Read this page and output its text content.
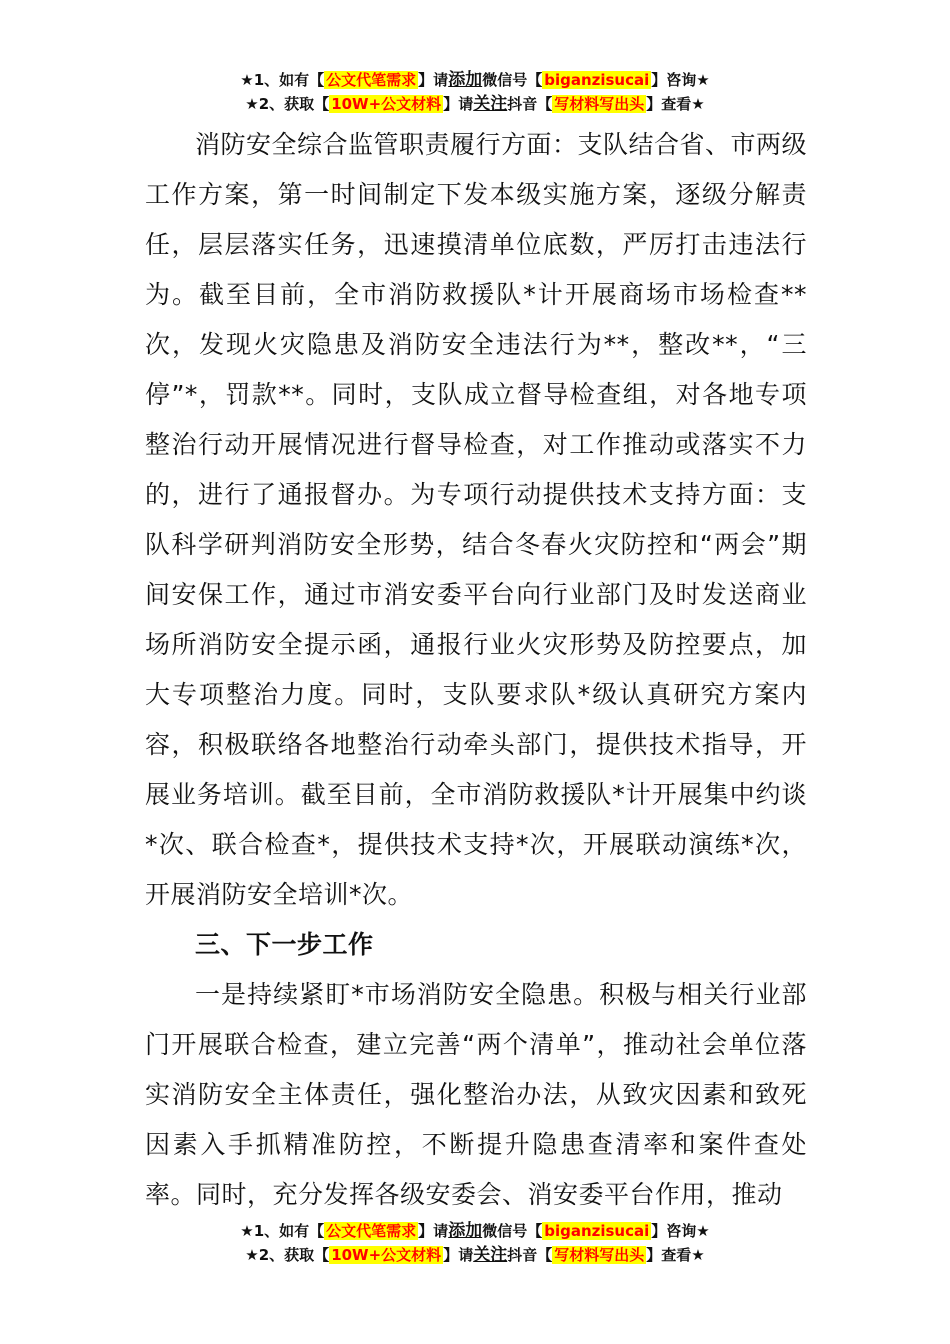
★1、如有【 公文代笔需求 】请添加微信号【 biganzisucai 】咨询★
★2、获取【 10W+公文材料 】请关注抖音【 写材料写出头 】查看★

消防安全综合监管职责履行方面：支队结合省、市两级工作方案，第一时间制定下发本级实施方案，逐级分解责任，层层落实任务，迅速摸清单位底数，严厉打击违法行为。截至目前，全市消防救援队*计开展商场市场检查**次，发现火灾隐患及消防安全违法行为**，整改**，“三停”*，罚款**。同时，支队成立督导检查组，对各地专项整治行动开展情况进行督导检查，对工作推动或落实不力的，进行了通报督办。为专项行动提供技术支持方面：支队科学研判消防安全形势，结合冬春火灾防控和“两会”期间安保工作，通过市消安委平台向行业部门及时发送商业场所消防安全提示函，通报行业火灾形势及防控要点，加大专项整治力度。同时，支队要求队*级认真研究方案内容，积极联络各地整治行动牵头部门，提供技术指导，开展业务培训。截至目前，全市消防救援队*计开展集中约谈*次、联合检查*，提供技术支持*次，开展联动演练*次，开展消防安全培训*次。

三、下一步工作

一是持续紧盯*市场消防安全隐患。积极与相关行业部门开展联合检查，建立完善“两个清单”，推动社会单位落实消防安全主体责任，强化整治办法，从致灾因素和致死因素入手抓精准防控，不断提升隐患查清率和案件查处率。同时，充分发挥各级安委会、消安委平台作用，推动

★1、如有【 公文代笔需求 】请添加微信号【 biganzisucai 】咨询★
★2、获取【 10W+公文材料 】请关注抖音【 写材料写出头 】查看★
